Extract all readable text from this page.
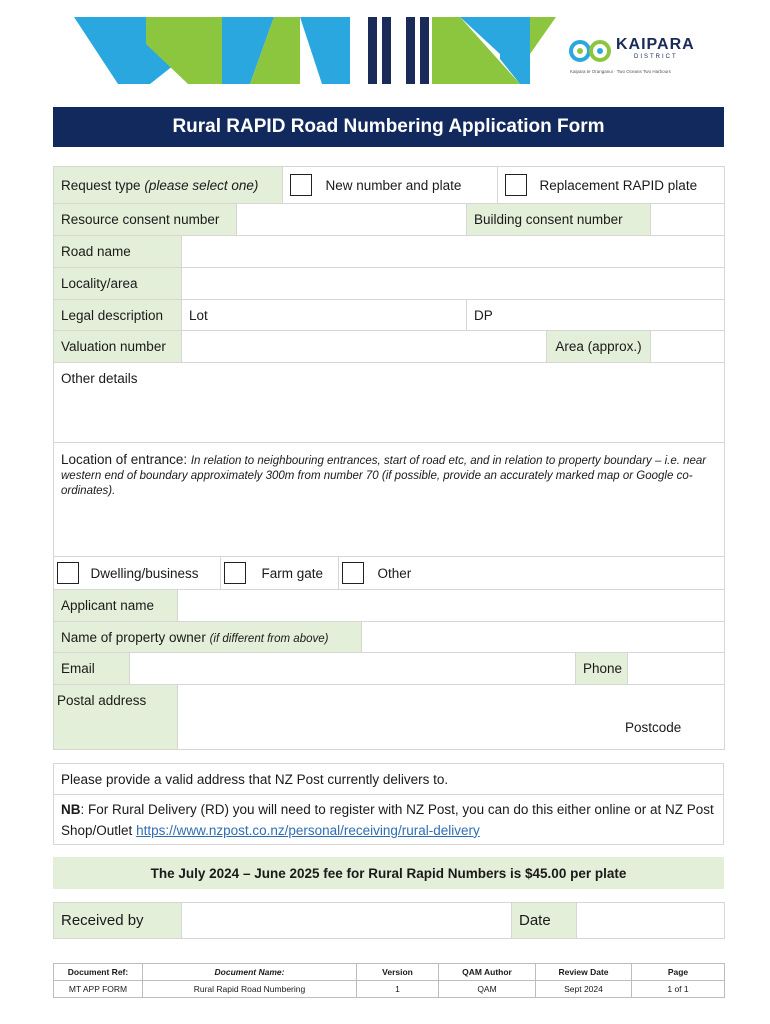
KAIPARA
DISTRICT
Kaipara te Oranganui · Two Oceans Two Harbours
Rural RAPID Road Numbering Application Form
Request type (please select one)		New number and plate		Replacement RAPID plate
Resource consent number			Building consent number		
Road name					
Locality/area					
Legal description	Lot		DP		
Valuation number				Area (approx.)	
Other details					
Location of entrance: In relation to neighbouring entrances, start of road etc, and in relation to property boundary – i.e. near western end of boundary approximately 300m from number 70 (if possible, provide an accurately marked map or Google co-ordinates).					
	Dwelling/business		Farm gate		Other
Applicant name					
Name of property owner (if different from above)					
Email				Phone	
Postal address		Postcode			
Please provide a valid address that NZ Post currently delivers to.
NB: For Rural Delivery (RD) you will need to register with NZ Post, you can do this either online or at NZ Post Shop/Outlet https://www.nzpost.co.nz/personal/receiving/rural-delivery
The July 2024 – June 2025 fee for Rural Rapid Numbers is $45.00 per plate
Received by		Date	
Document Ref:	Document Name:	Version	QAM Author	Review Date	Page
MT APP FORM	Rural Rapid Road Numbering	1	QAM	Sept 2024	1 of 1
